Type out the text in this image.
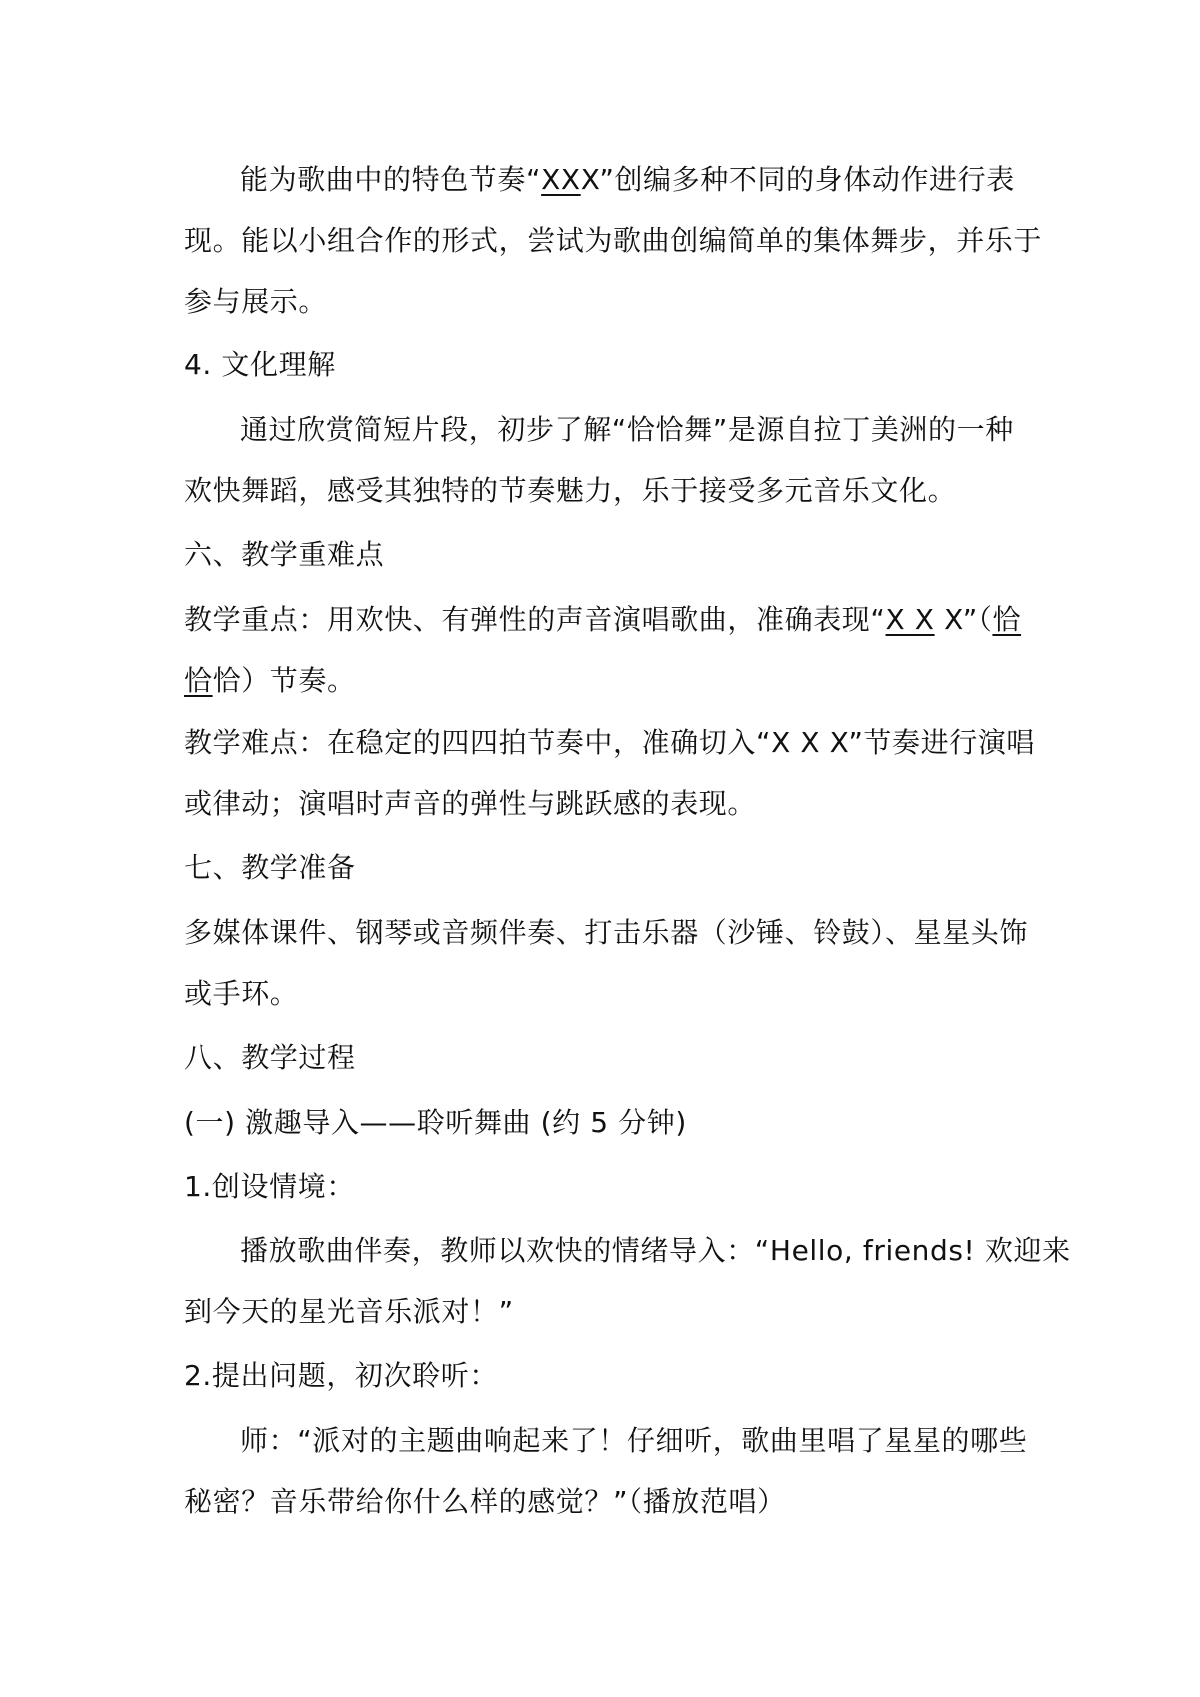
能为歌曲中的特色节奏“XXX”创编多种不同的身体动作进行表
现。能以小组合作的形式，尝试为歌曲创编简单的集体舞步，并乐于
参与展示。
4. 文化理解
通过欣赏简短片段，初步了解“恰恰舞”是源自拉丁美洲的一种
欢快舞蹈，感受其独特的节奏魅力，乐于接受多元音乐文化。
六、教学重难点
教学重点：用欢快、有弹性的声音演唱歌曲，准确表现“X X X”（恰
恰恰）节奏。
教学难点：在稳定的四四拍节奏中，准确切入“X X X”节奏进行演唱
或律动；演唱时声音的弹性与跳跃感的表现。
七、教学准备
多媒体课件、钢琴或音频伴奏、打击乐器（沙锤、铃鼓）、星星头饰
或手环。
八、教学过程
(一) 激趣导入——聆听舞曲 (约 5 分钟)
1.创设情境：
播放歌曲伴奏，教师以欢快的情绪导入：“Hello, friends! 欢迎来
到今天的星光音乐派对！”
2.提出问题，初次聆听：
师：“派对的主题曲响起来了！仔细听，歌曲里唱了星星的哪些
秘密？音乐带给你什么样的感觉？”（播放范唱）
